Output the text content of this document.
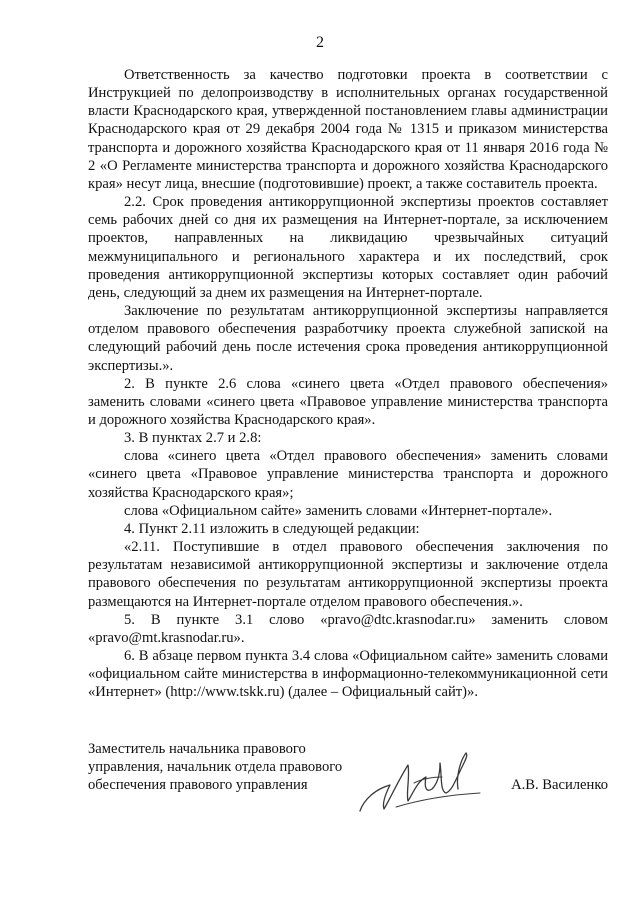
2

Ответственность за качество подготовки проекта в соответствии с Инструкцией по делопроизводству в исполнительных органах государственной власти Краснодарского края, утвержденной постановлением главы администрации Краснодарского края от 29 декабря 2004 года № 1315 и приказом министерства транспорта и дорожного хозяйства Краснодарского края от 11 января 2016 года № 2 «О Регламенте министерства транспорта и дорожного хозяйства Краснодарского края» несут лица, внесшие (подготовившие) проект, а также составитель проекта.

2.2. Срок проведения антикоррупционной экспертизы проектов составляет семь рабочих дней со дня их размещения на Интернет-портале, за исключением проектов, направленных на ликвидацию чрезвычайных ситуаций межмуниципального и регионального характера и их последствий, срок проведения антикоррупционной экспертизы которых составляет один рабочий день, следующий за днем их размещения на Интернет-портале.

Заключение по результатам антикоррупционной экспертизы направляется отделом правового обеспечения разработчику проекта служебной запиской на следующий рабочий день после истечения срока проведения антикоррупционной экспертизы.».

2. В пункте 2.6 слова «синего цвета «Отдел правового обеспечения» заменить словами «синего цвета «Правовое управление министерства транспорта и дорожного хозяйства Краснодарского края».

3. В пунктах 2.7 и 2.8:

слова «синего цвета «Отдел правового обеспечения» заменить словами «синего цвета «Правовое управление министерства транспорта и дорожного хозяйства Краснодарского края»;

слова «Официальном сайте» заменить словами «Интернет-портале».

4. Пункт 2.11 изложить в следующей редакции:

«2.11. Поступившие в отдел правового обеспечения заключения по результатам независимой антикоррупционной экспертизы и заключение отдела правового обеспечения по результатам антикоррупционной экспертизы проекта размещаются на Интернет-портале отделом правового обеспечения.».

5. В пункте 3.1 слово «pravo@dtc.krasnodar.ru» заменить словом «pravo@mt.krasnodar.ru».

6. В абзаце первом пункта 3.4 слова «Официальном сайте» заменить словами «официальном сайте министерства в информационно-телекоммуникационной сети «Интернет» (http://www.tskk.ru) (далее – Официальный сайт)».

Заместитель начальника правового
управления, начальник отдела правового
обеспечения правового управления	А.В. Василенко
